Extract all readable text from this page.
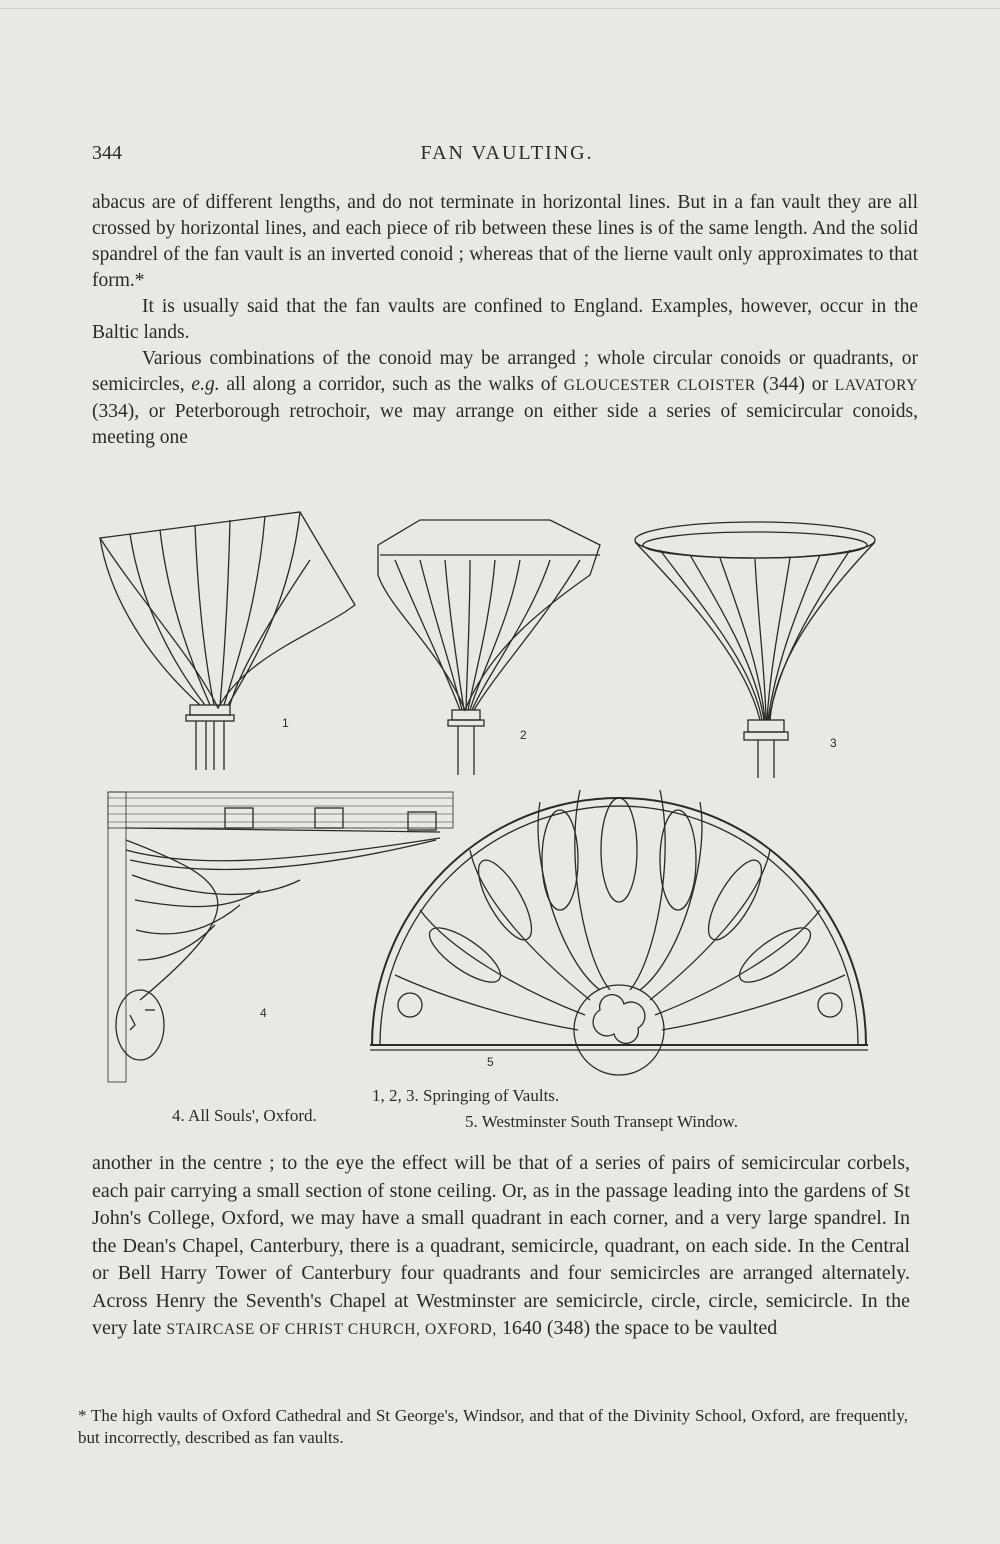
344	FAN VAULTING.

abacus are of different lengths, and do not terminate in horizontal lines. But in a fan vault they are all crossed by horizontal lines, and each piece of rib between these lines is of the same length. And the solid spandrel of the fan vault is an inverted conoid ; whereas that of the lierne vault only approximates to that form.*

It is usually said that the fan vaults are confined to England. Examples, however, occur in the Baltic lands.

Various combinations of the conoid may be arranged ; whole circular conoids or quadrants, or semicircles, e.g. all along a corridor, such as the walks of GLOUCESTER CLOISTER (344) or LAVATORY (334), or Peterborough retrochoir, we may arrange on either side a series of semicircular conoids, meeting one

1
2
3
4
5
1, 2, 3. Springing of Vaults.
4. All Souls', Oxford.	5. Westminster South Transept Window.

another in the centre ; to the eye the effect will be that of a series of pairs of semicircular corbels, each pair carrying a small section of stone ceiling. Or, as in the passage leading into the gardens of St John's College, Oxford, we may have a small quadrant in each corner, and a very large spandrel. In the Dean's Chapel, Canterbury, there is a quadrant, semicircle, quadrant, on each side. In the Central or Bell Harry Tower of Canterbury four quadrants and four semicircles are arranged alternately. Across Henry the Seventh's Chapel at Westminster are semicircle, circle, circle, semicircle. In the very late STAIRCASE OF CHRIST CHURCH, OXFORD, 1640 (348) the space to be vaulted

* The high vaults of Oxford Cathedral and St George's, Windsor, and that of the Divinity School, Oxford, are frequently, but incorrectly, described as fan vaults.
